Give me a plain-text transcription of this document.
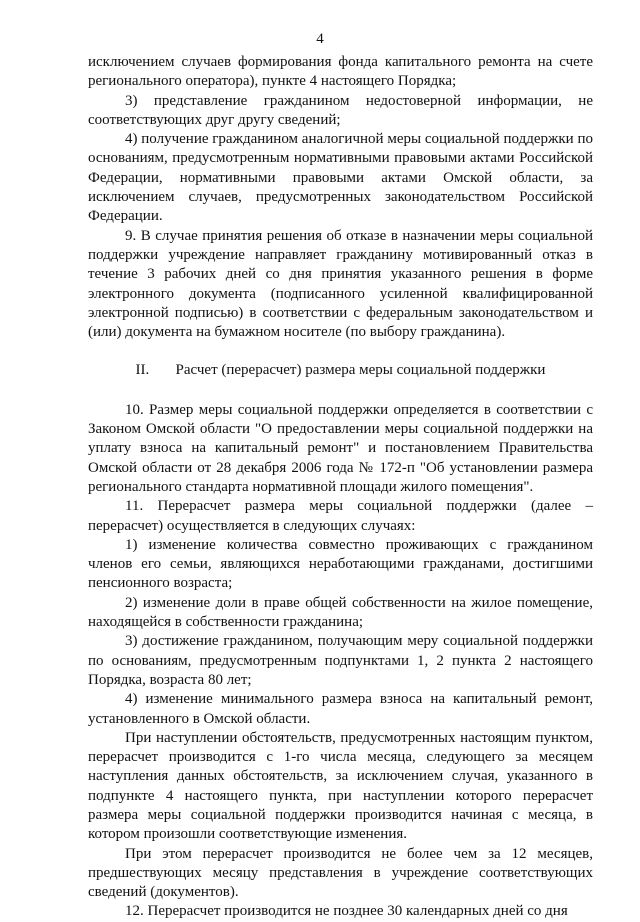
4

исключением случаев формирования фонда капитального ремонта на счете регионального оператора), пункте 4 настоящего Порядка;

3) представление гражданином недостоверной информации, не соответствующих друг другу сведений;

4) получение гражданином аналогичной меры социальной поддержки по основаниям, предусмотренным нормативными правовыми актами Российской Федерации, нормативными правовыми актами Омской области, за исключением случаев, предусмотренных законодательством Российской Федерации.

9. В случае принятия решения об отказе в назначении меры социальной поддержки учреждение направляет гражданину мотивированный отказ в течение 3 рабочих дней со дня принятия указанного решения в форме электронного документа (подписанного усиленной квалифицированной электронной подписью) в соответствии с федеральным законодательством и (или) документа на бумажном носителе (по выбору гражданина).

II.       Расчет (перерасчет) размера меры социальной поддержки

10. Размер меры социальной поддержки определяется в соответствии с Законом Омской области "О предоставлении меры социальной поддержки на уплату взноса на капитальный ремонт" и постановлением Правительства Омской области от 28 декабря 2006 года № 172-п "Об установлении размера регионального стандарта нормативной площади жилого помещения".

11. Перерасчет размера меры социальной поддержки (далее – перерасчет) осуществляется в следующих случаях:

1) изменение количества совместно проживающих с гражданином членов его семьи, являющихся неработающими гражданами, достигшими пенсионного возраста;

2) изменение доли в праве общей собственности на жилое помещение, находящейся в собственности гражданина;

3) достижение гражданином, получающим меру социальной поддержки по основаниям, предусмотренным подпунктами 1, 2 пункта 2 настоящего Порядка, возраста 80 лет;

4) изменение минимального размера взноса на капитальный ремонт, установленного в Омской области.

При наступлении обстоятельств, предусмотренных настоящим пунктом, перерасчет производится с 1-го числа месяца, следующего за месяцем наступления данных обстоятельств, за исключением случая, указанного в подпункте 4 настоящего пункта, при наступлении которого перерасчет размера меры социальной поддержки производится начиная с месяца, в котором произошли соответствующие изменения.

При этом перерасчет производится не более чем за 12 месяцев, предшествующих месяцу представления в учреждение соответствующих сведений (документов).

12. Перерасчет производится не позднее 30 календарных дней со дня
